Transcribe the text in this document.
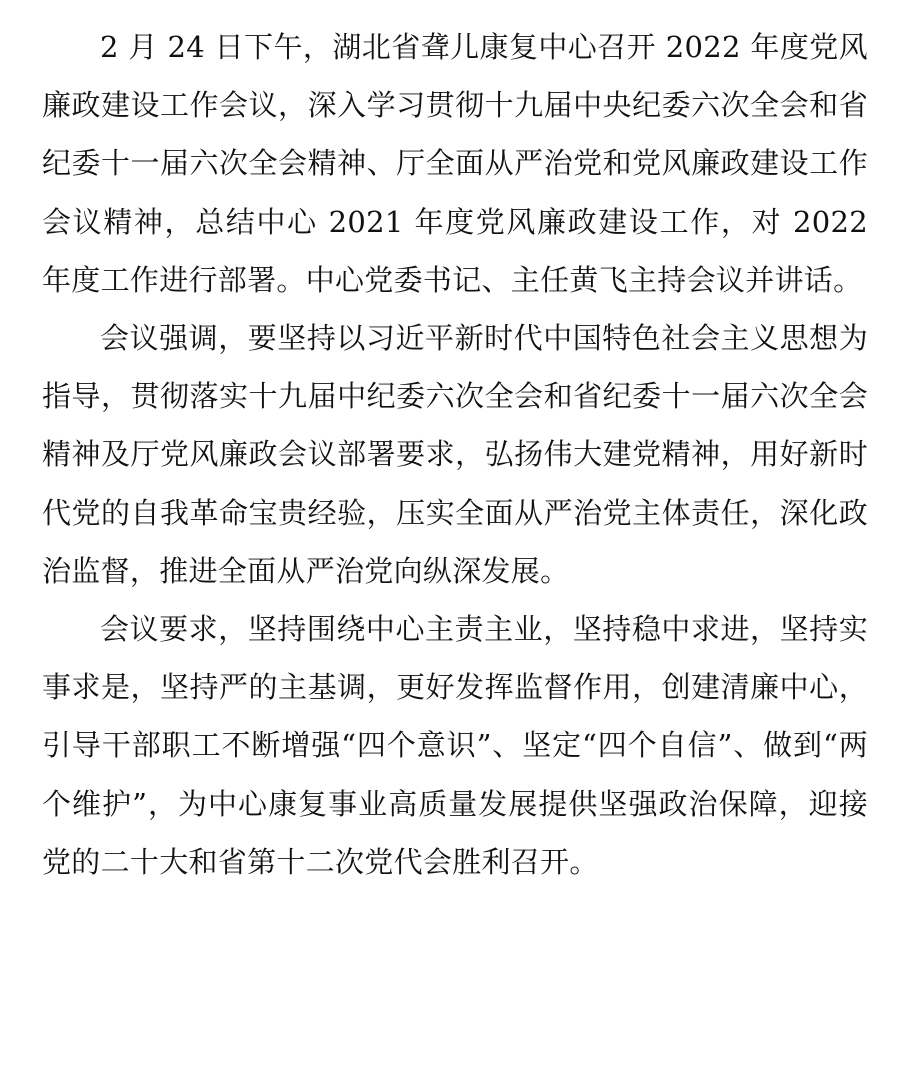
2 月 24 日下午，湖北省聋儿康复中心召开 2022 年度党风廉政建设工作会议，深入学习贯彻十九届中央纪委六次全会和省纪委十一届六次全会精神、厅全面从严治党和党风廉政建设工作会议精神，总结中心 2021 年度党风廉政建设工作，对 2022 年度工作进行部署。中心党委书记、主任黄飞主持会议并讲话。

会议强调，要坚持以习近平新时代中国特色社会主义思想为指导，贯彻落实十九届中纪委六次全会和省纪委十一届六次全会精神及厅党风廉政会议部署要求，弘扬伟大建党精神，用好新时代党的自我革命宝贵经验，压实全面从严治党主体责任，深化政治监督，推进全面从严治党向纵深发展。

会议要求，坚持围绕中心主责主业，坚持稳中求进，坚持实事求是，坚持严的主基调，更好发挥监督作用，创建清廉中心，引导干部职工不断增强“四个意识”、坚定“四个自信”、做到“两个维护”，为中心康复事业高质量发展提供坚强政治保障，迎接党的二十大和省第十二次党代会胜利召开。
